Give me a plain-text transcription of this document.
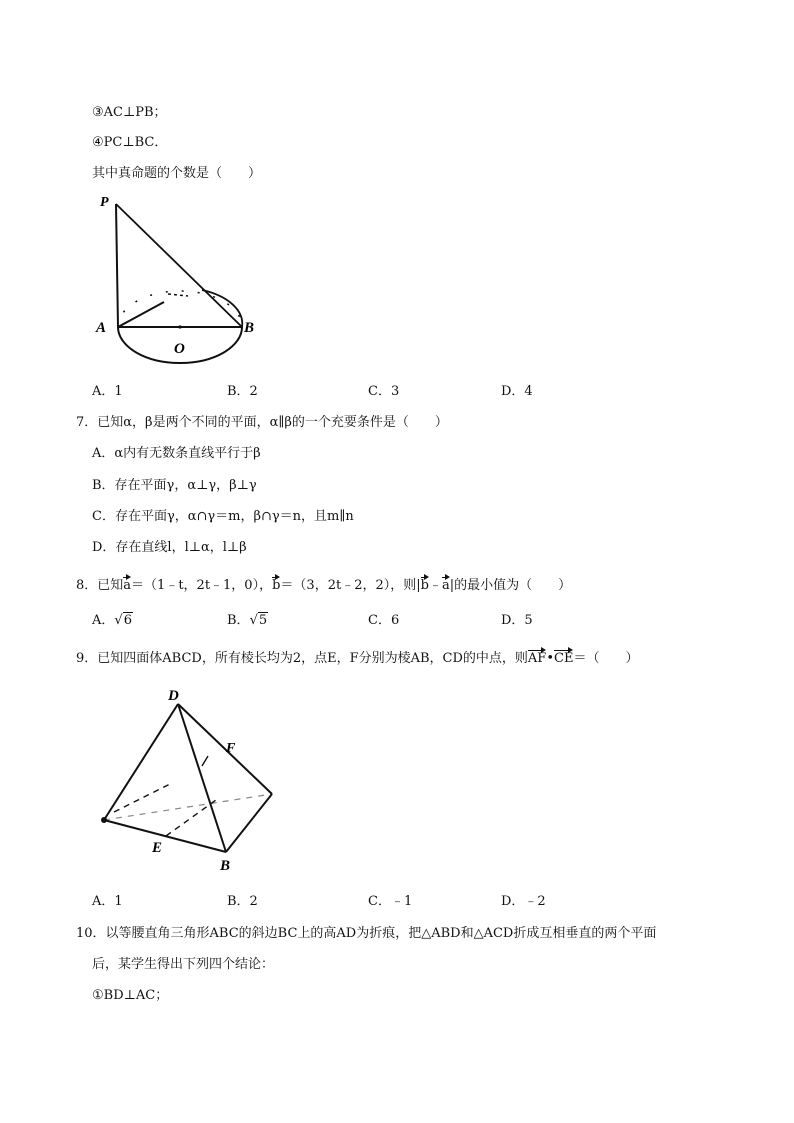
③AC⊥PB；
④PC⊥BC．
其中真命题的个数是（　　）
P
A
O
B
A．1	B．2	C．3	D．4
7．已知α，β是两个不同的平面，α∥β的一个充要条件是（　　）
A．α内有无数条直线平行于β
B．存在平面γ，α⊥γ，β⊥γ
C．存在平面γ，α∩γ＝m，β∩γ＝n，且m∥n
D．存在直线l，l⊥α，l⊥β
8．已知a＝（1﹣t，2t﹣1，0），b＝（3，2t﹣2，2），则|b﹣a|的最小值为（　　）
A．√6	B．√5	C．6	D．5
9．已知四面体ABCD，所有棱长均为2，点E，F分别为棱AB，CD的中点，则AF•CE＝（　　）
D
F
E
B
A．1	B．2	C．﹣1	D．﹣2
10．以等腰直角三角形ABC的斜边BC上的高AD为折痕，把△ABD和△ACD折成互相垂直的两个平面
后，某学生得出下列四个结论：
①BD⊥AC；
